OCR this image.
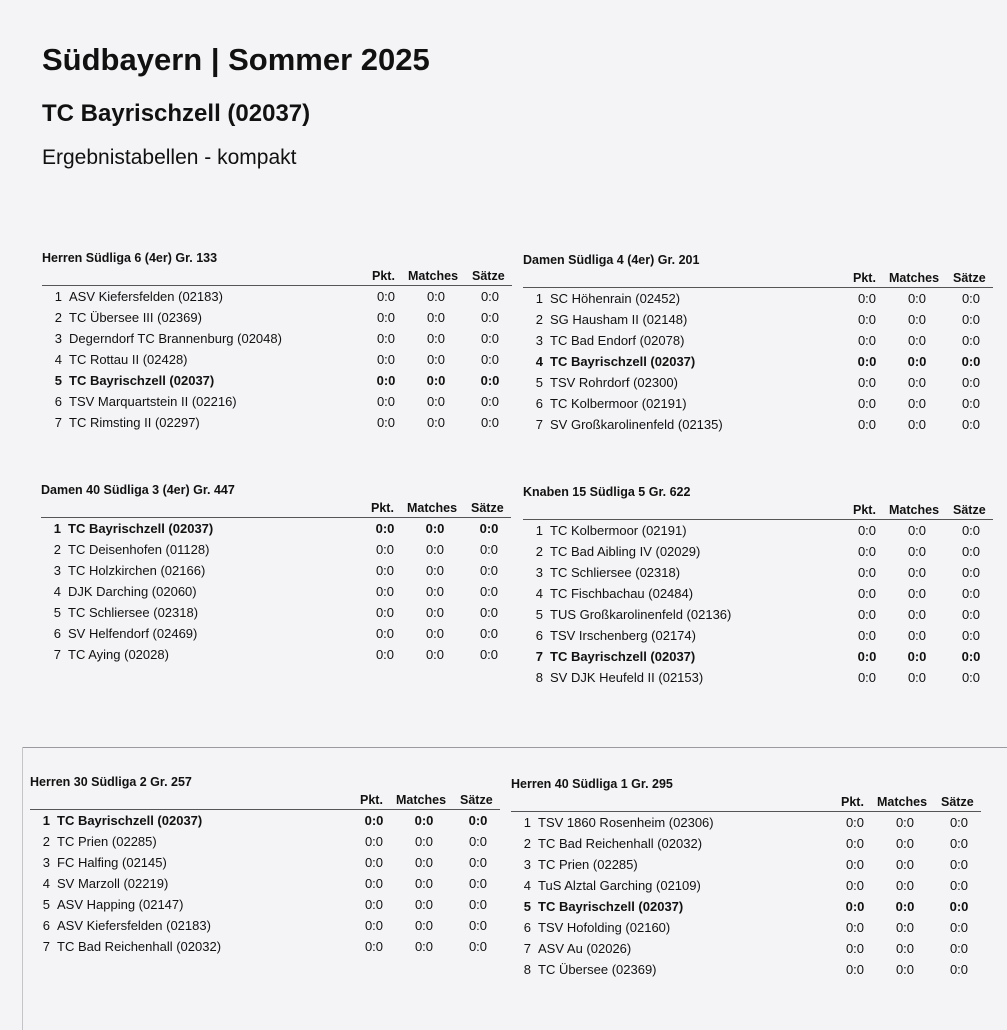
Südbayern | Sommer 2025
TC Bayrischzell (02037)
Ergebnistabellen - kompakt
Herren Südliga 6 (4er) Gr. 133
Pkt. Matches Sätze
1 ASV Kiefersfelden (02183)	0:0 0:0	0:0
2 TC Übersee III (02369)	0:0 0:0	0:0
3 Degerndorf TC Brannenburg (02048)	0:0 0:0	0:0
4 TC Rottau II (02428)	0:0 0:0	0:0
5 TC Bayrischzell (02037)	0:0 0:0	0:0
6 TSV Marquartstein II (02216)	0:0 0:0	0:0
7 TC Rimsting II (02297)	0:0 0:0	0:0
Damen Südliga 4 (4er) Gr. 201
Pkt. Matches Sätze
1 SC Höhenrain (02452)	0:0 0:0	0:0
2 SG Hausham II (02148)	0:0 0:0	0:0
3 TC Bad Endorf (02078)	0:0 0:0	0:0
4 TC Bayrischzell (02037)	0:0 0:0	0:0
5 TSV Rohrdorf (02300)	0:0 0:0	0:0
6 TC Kolbermoor (02191)	0:0 0:0	0:0
7 SV Großkarolinenfeld (02135)	0:0 0:0	0:0
Damen 40 Südliga 3 (4er) Gr. 447
Pkt. Matches Sätze
1 TC Bayrischzell (02037)	0:0 0:0	0:0
2 TC Deisenhofen (01128)	0:0 0:0	0:0
3 TC Holzkirchen (02166)	0:0 0:0	0:0
4 DJK Darching (02060)	0:0 0:0	0:0
5 TC Schliersee (02318)	0:0 0:0	0:0
6 SV Helfendorf (02469)	0:0 0:0	0:0
7 TC Aying (02028)	0:0 0:0	0:0
Knaben 15 Südliga 5 Gr. 622
Pkt. Matches Sätze
1 TC Kolbermoor (02191)	0:0 0:0	0:0
2 TC Bad Aibling IV (02029)	0:0 0:0	0:0
3 TC Schliersee (02318)	0:0 0:0	0:0
4 TC Fischbachau (02484)	0:0 0:0	0:0
5 TUS Großkarolinenfeld (02136)	0:0 0:0	0:0
6 TSV Irschenberg (02174)	0:0 0:0	0:0
7 TC Bayrischzell (02037)	0:0 0:0	0:0
8 SV DJK Heufeld II (02153)	0:0 0:0	0:0
Herren 30 Südliga 2 Gr. 257
Pkt. Matches Sätze
1 TC Bayrischzell (02037)	0:0 0:0	0:0
2 TC Prien (02285)	0:0 0:0	0:0
3 FC Halfing (02145)	0:0 0:0	0:0
4 SV Marzoll (02219)	0:0 0:0	0:0
5 ASV Happing (02147)	0:0 0:0	0:0
6 ASV Kiefersfelden (02183)	0:0 0:0	0:0
7 TC Bad Reichenhall (02032)	0:0 0:0	0:0
Herren 40 Südliga 1 Gr. 295
Pkt. Matches Sätze
1 TSV 1860 Rosenheim (02306)	0:0 0:0	0:0
2 TC Bad Reichenhall (02032)	0:0 0:0	0:0
3 TC Prien (02285)	0:0 0:0	0:0
4 TuS Alztal Garching (02109)	0:0 0:0	0:0
5 TC Bayrischzell (02037)	0:0 0:0	0:0
6 TSV Hofolding (02160)	0:0 0:0	0:0
7 ASV Au (02026)	0:0 0:0	0:0
8 TC Übersee (02369)	0:0 0:0	0:0
